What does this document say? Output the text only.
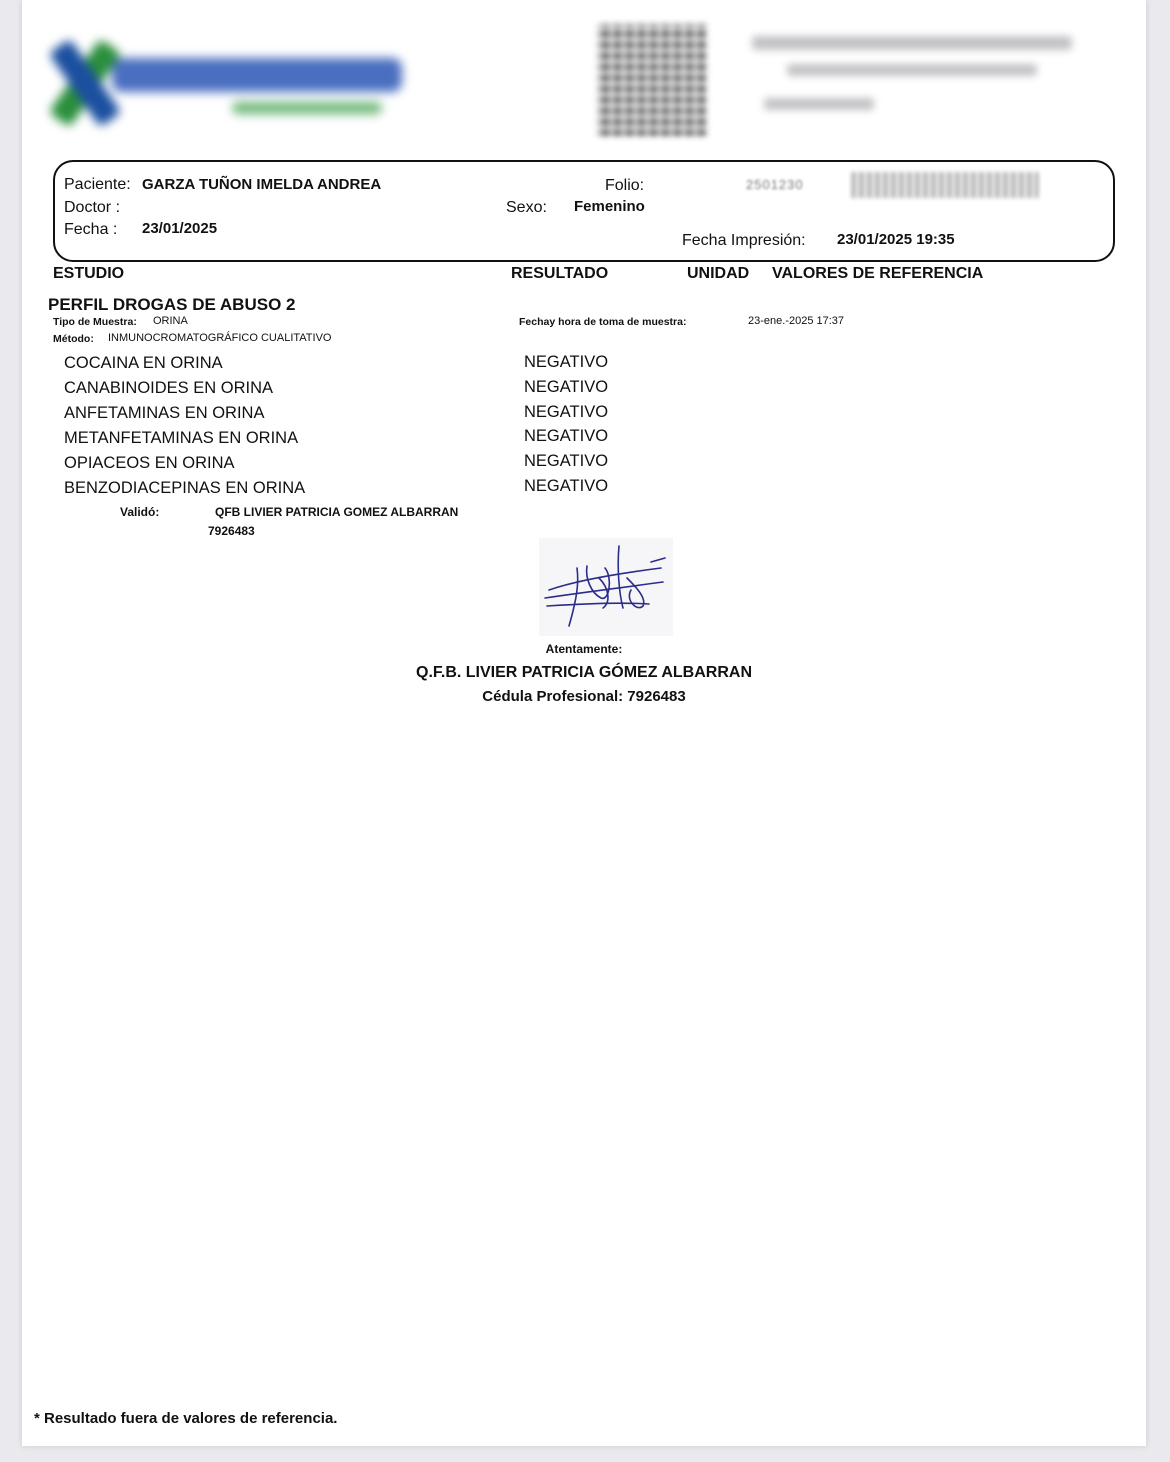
Paciente: GARZA TUÑON IMELDA ANDREA
Doctor :
Fecha : 23/01/2025
Folio:	2501230
Sexo: Femenino
Fecha Impresión: 23/01/2025 19:35
ESTUDIO	RESULTADO	UNIDAD VALORES DE REFERENCIA
PERFIL DROGAS DE ABUSO 2
Tipo de Muestra: ORINA
Método: INMUNOCROMATOGRÁFICO CUALITATIVO
Fechay hora de toma de muestra:	23-ene.-2025 17:37
COCAINA EN ORINA	NEGATIVO
CANABINOIDES EN ORINA	NEGATIVO
ANFETAMINAS EN ORINA	NEGATIVO
METANFETAMINAS EN ORINA	NEGATIVO
OPIACEOS EN ORINA	NEGATIVO
BENZODIACEPINAS EN ORINA	NEGATIVO
Validó:	QFB LIVIER PATRICIA GOMEZ ALBARRAN
7926483
Atentamente:
Q.F.B. LIVIER PATRICIA GÓMEZ ALBARRAN
Cédula Profesional: 7926483
* Resultado fuera de valores de referencia.
